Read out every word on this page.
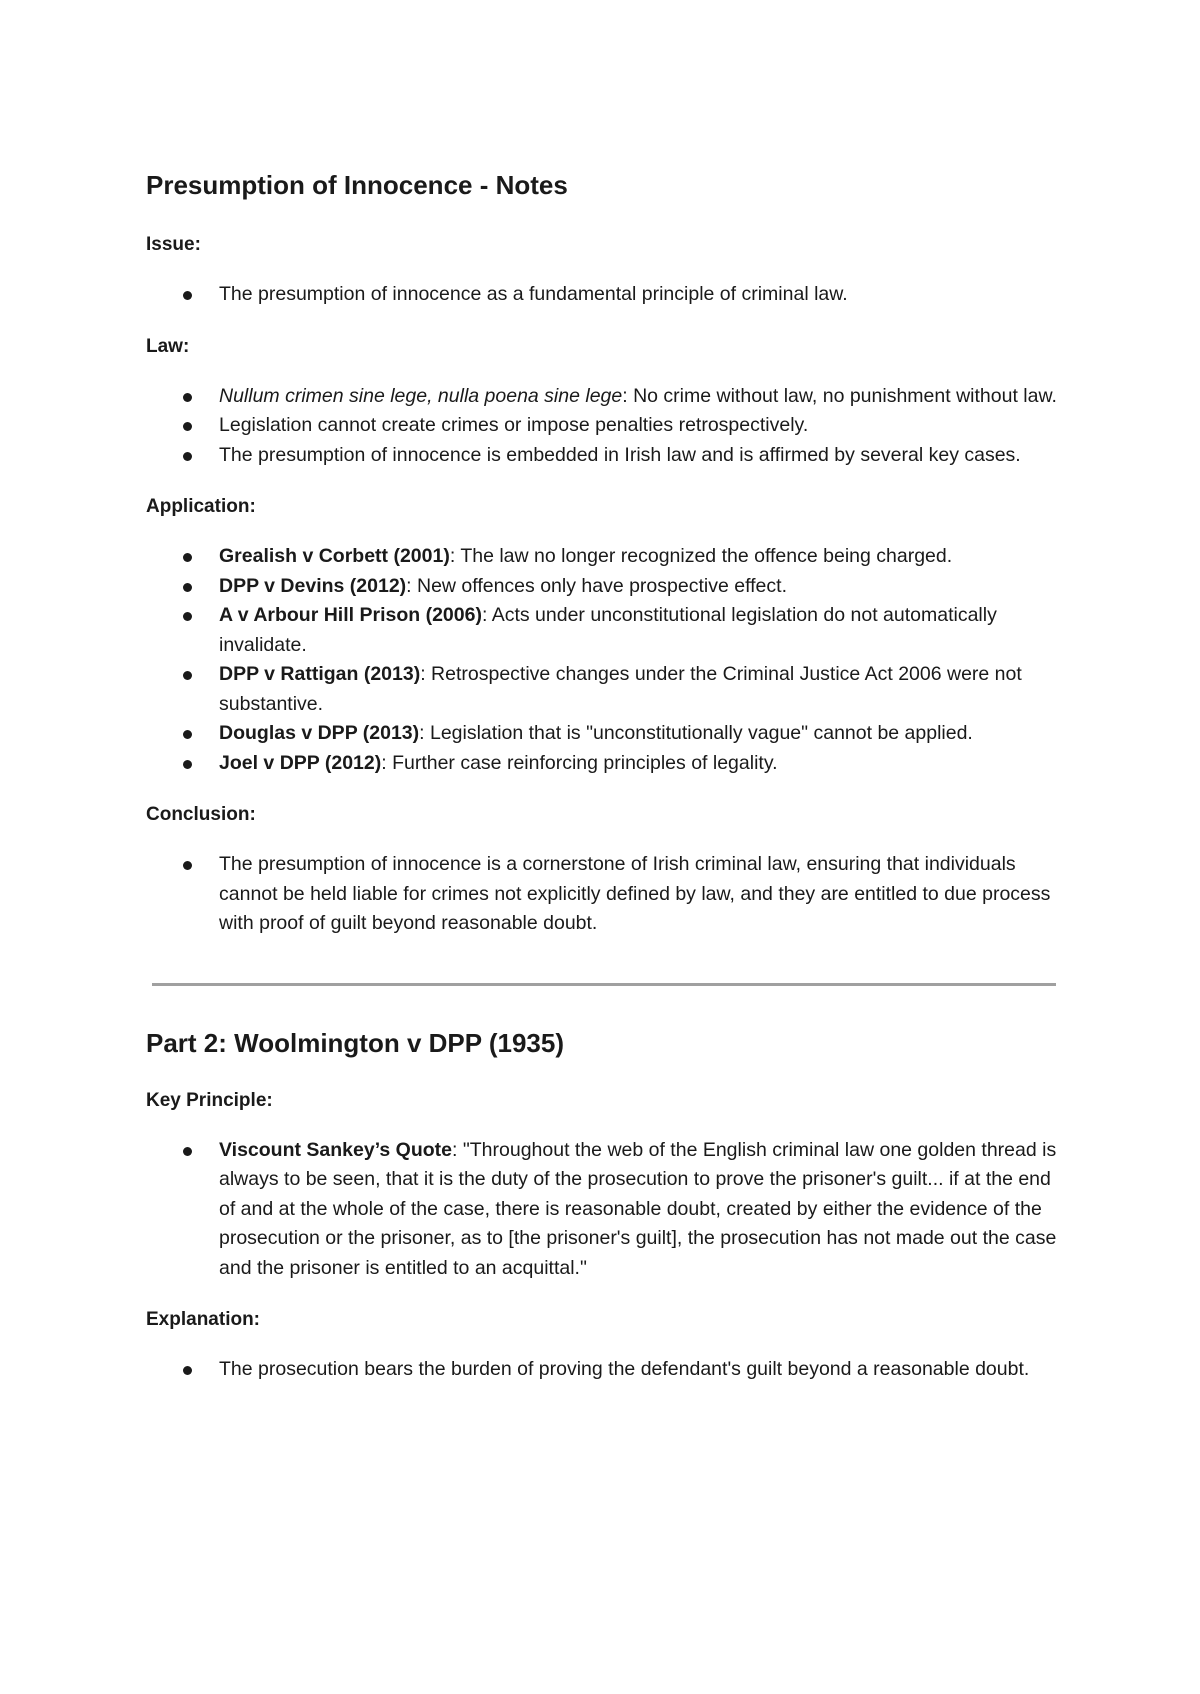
Presumption of Innocence - Notes
Issue:
The presumption of innocence as a fundamental principle of criminal law.
Law:
Nullum crimen sine lege, nulla poena sine lege: No crime without law, no punishment without law.
Legislation cannot create crimes or impose penalties retrospectively.
The presumption of innocence is embedded in Irish law and is affirmed by several key cases.
Application:
Grealish v Corbett (2001): The law no longer recognized the offence being charged.
DPP v Devins (2012): New offences only have prospective effect.
A v Arbour Hill Prison (2006): Acts under unconstitutional legislation do not automatically invalidate.
DPP v Rattigan (2013): Retrospective changes under the Criminal Justice Act 2006 were not substantive.
Douglas v DPP (2013): Legislation that is "unconstitutionally vague" cannot be applied.
Joel v DPP (2012): Further case reinforcing principles of legality.
Conclusion:
The presumption of innocence is a cornerstone of Irish criminal law, ensuring that individuals cannot be held liable for crimes not explicitly defined by law, and they are entitled to due process with proof of guilt beyond reasonable doubt.
Part 2: Woolmington v DPP (1935)
Key Principle:
Viscount Sankey’s Quote: "Throughout the web of the English criminal law one golden thread is always to be seen, that it is the duty of the prosecution to prove the prisoner's guilt... if at the end of and at the whole of the case, there is reasonable doubt, created by either the evidence of the prosecution or the prisoner, as to [the prisoner's guilt], the prosecution has not made out the case and the prisoner is entitled to an acquittal."
Explanation:
The prosecution bears the burden of proving the defendant's guilt beyond a reasonable doubt.
